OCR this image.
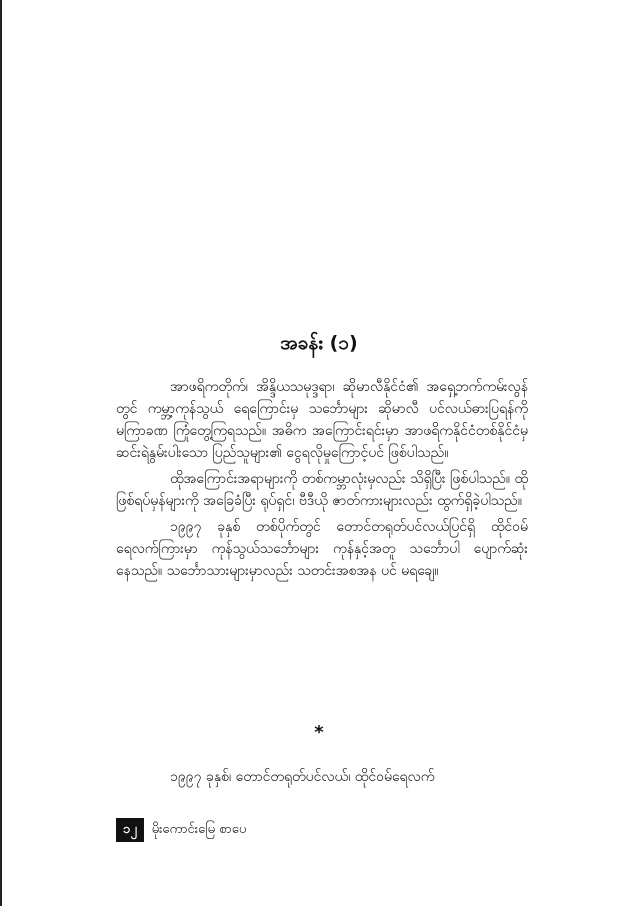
အခန်း (၁)

အာဖရိကတိုက်၊ အိန္ဒိယသမုဒ္ဒရာ၊ ဆိုမာလီနိုင်ငံ၏ အရှေ့ဘက်ကမ်းလွန်တွင် ကမ္ဘာ့ကုန်သွယ် ရေကြောင်းမှ သင်္ဘောများ ဆိုမာလီ ပင်လယ်ဓားပြရန်ကို မကြာခဏ ကြုံတွေ့ကြရသည်။ အဓိက အကြောင်းရင်းမှာ အာဖရိကနိုင်ငံတစ်နိုင်ငံမှ ဆင်းရဲနွမ်းပါးသော ပြည်သူများ၏ ငွေရလိုမှုကြောင့်ပင် ဖြစ်ပါသည်။

ထိုအကြောင်းအရာများကို တစ်ကမ္ဘာလုံးမှလည်း သိရှိပြီး ဖြစ်ပါသည်။ ထိုဖြစ်ရပ်မှန်များကို အခြေခံပြီး ရုပ်ရှင်၊ ဗီဒီယို ဇာတ်ကားများလည်း ထွက်ရှိခဲ့ပါသည်။

၁၉၉၇ ခုနှစ် တစ်ပိုက်တွင် တောင်တရုတ်ပင်လယ်ပြင်ရှိ ထိုင်ဝမ်ရေလက်ကြားမှာ ကုန်သွယ်သင်္ဘောများ ကုန်နှင့်အတူ သင်္ဘောပါ ပျောက်ဆုံးနေသည်။ သင်္ဘောသားများမှာလည်း သတင်းအစအန ပင် မရချေ။

*

၁၉၉၇ ခုနှစ်၊ တောင်တရုတ်ပင်လယ်၊ ထိုင်ဝမ်ရေလက်

၁၂	မိုးကောင်းမြေ စာပေ
